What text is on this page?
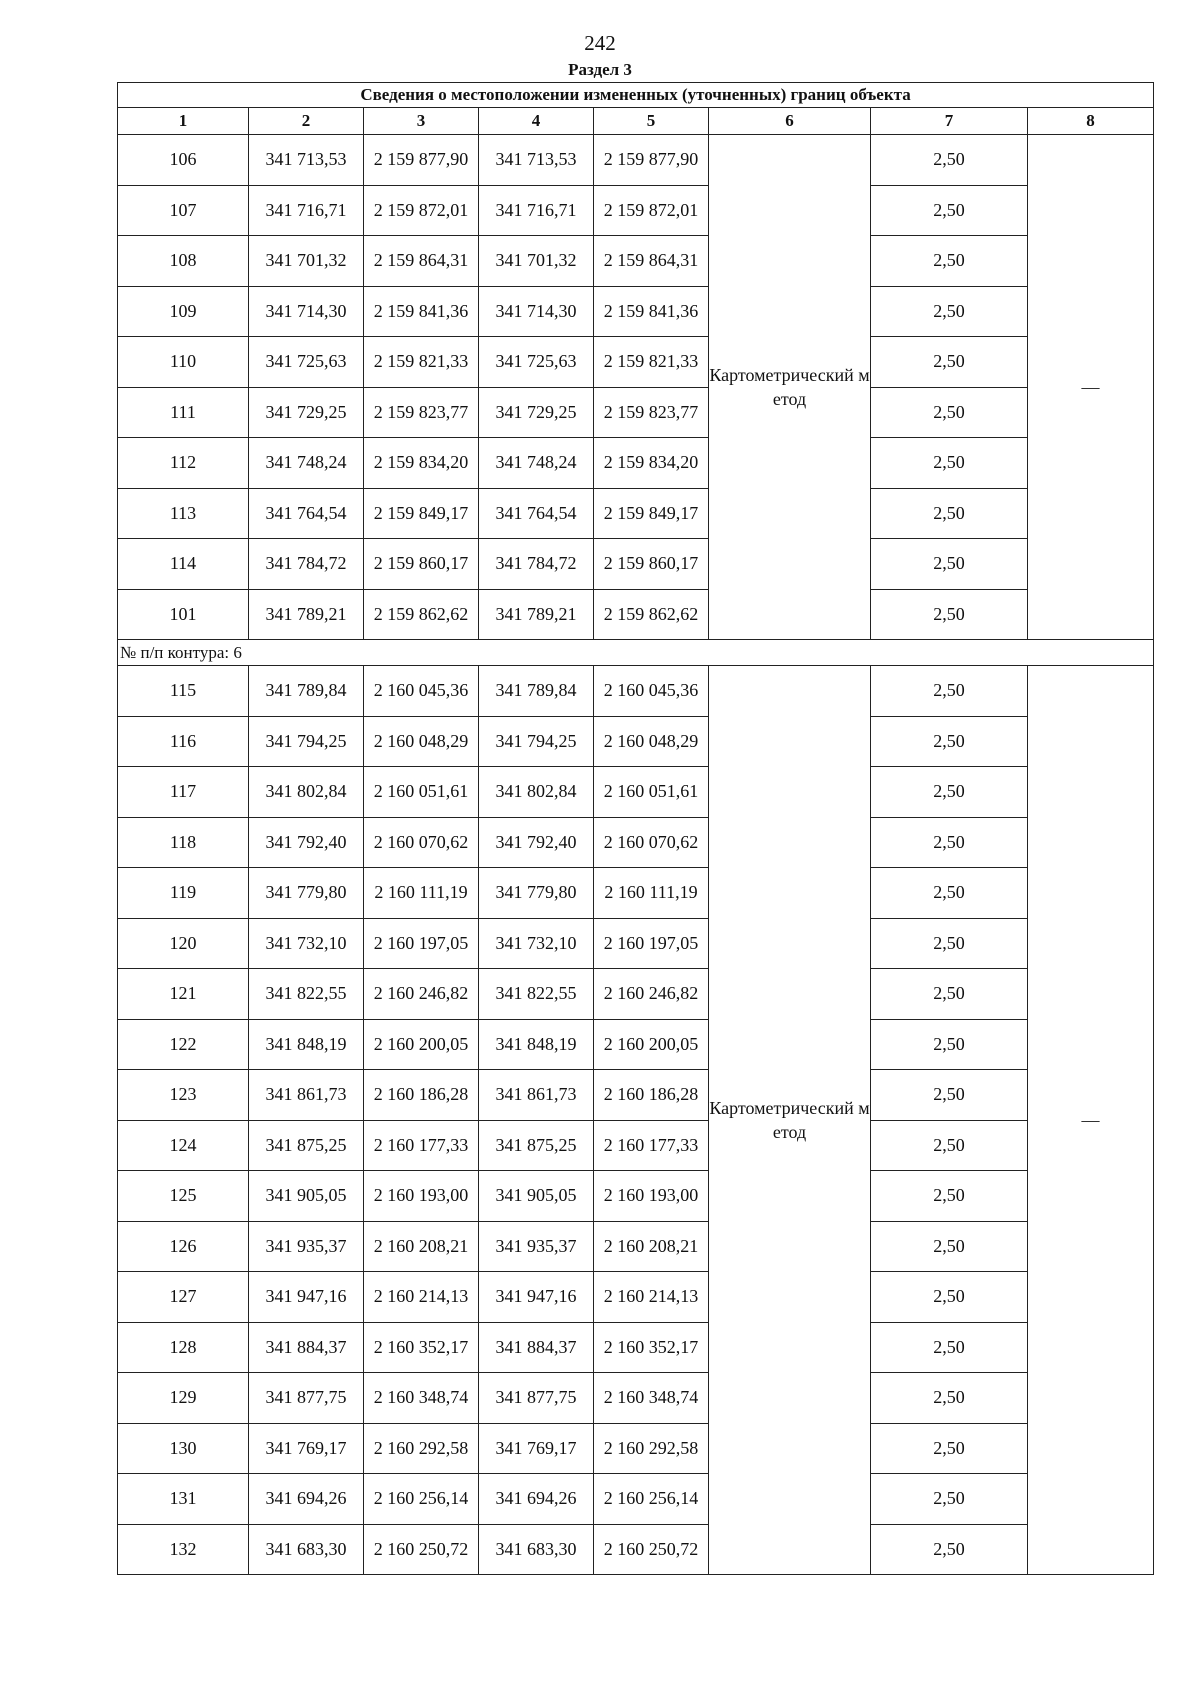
242
Раздел 3
Сведения о местоположении измененных (уточненных) границ объекта							
1	2	3	4	5	6	7	8
106	341 713,53	2 159 877,90	341 713,53	2 159 877,90	Картометрически​й метод	2,50	—
107	341 716,71	2 159 872,01	341 716,71	2 159 872,01		2,50	
108	341 701,32	2 159 864,31	341 701,32	2 159 864,31		2,50	
109	341 714,30	2 159 841,36	341 714,30	2 159 841,36		2,50	
110	341 725,63	2 159 821,33	341 725,63	2 159 821,33		2,50	
111	341 729,25	2 159 823,77	341 729,25	2 159 823,77		2,50	
112	341 748,24	2 159 834,20	341 748,24	2 159 834,20		2,50	
113	341 764,54	2 159 849,17	341 764,54	2 159 849,17		2,50	
114	341 784,72	2 159 860,17	341 784,72	2 159 860,17		2,50	
101	341 789,21	2 159 862,62	341 789,21	2 159 862,62		2,50	
№ п/п контура: 6							
115	341 789,84	2 160 045,36	341 789,84	2 160 045,36	Картометрически​й метод	2,50	—
116	341 794,25	2 160 048,29	341 794,25	2 160 048,29		2,50	
117	341 802,84	2 160 051,61	341 802,84	2 160 051,61		2,50	
118	341 792,40	2 160 070,62	341 792,40	2 160 070,62		2,50	
119	341 779,80	2 160 111,19	341 779,80	2 160 111,19		2,50	
120	341 732,10	2 160 197,05	341 732,10	2 160 197,05		2,50	
121	341 822,55	2 160 246,82	341 822,55	2 160 246,82		2,50	
122	341 848,19	2 160 200,05	341 848,19	2 160 200,05		2,50	
123	341 861,73	2 160 186,28	341 861,73	2 160 186,28		2,50	
124	341 875,25	2 160 177,33	341 875,25	2 160 177,33		2,50	
125	341 905,05	2 160 193,00	341 905,05	2 160 193,00		2,50	
126	341 935,37	2 160 208,21	341 935,37	2 160 208,21		2,50	
127	341 947,16	2 160 214,13	341 947,16	2 160 214,13		2,50	
128	341 884,37	2 160 352,17	341 884,37	2 160 352,17		2,50	
129	341 877,75	2 160 348,74	341 877,75	2 160 348,74		2,50	
130	341 769,17	2 160 292,58	341 769,17	2 160 292,58		2,50	
131	341 694,26	2 160 256,14	341 694,26	2 160 256,14		2,50	
132	341 683,30	2 160 250,72	341 683,30	2 160 250,72		2,50	
